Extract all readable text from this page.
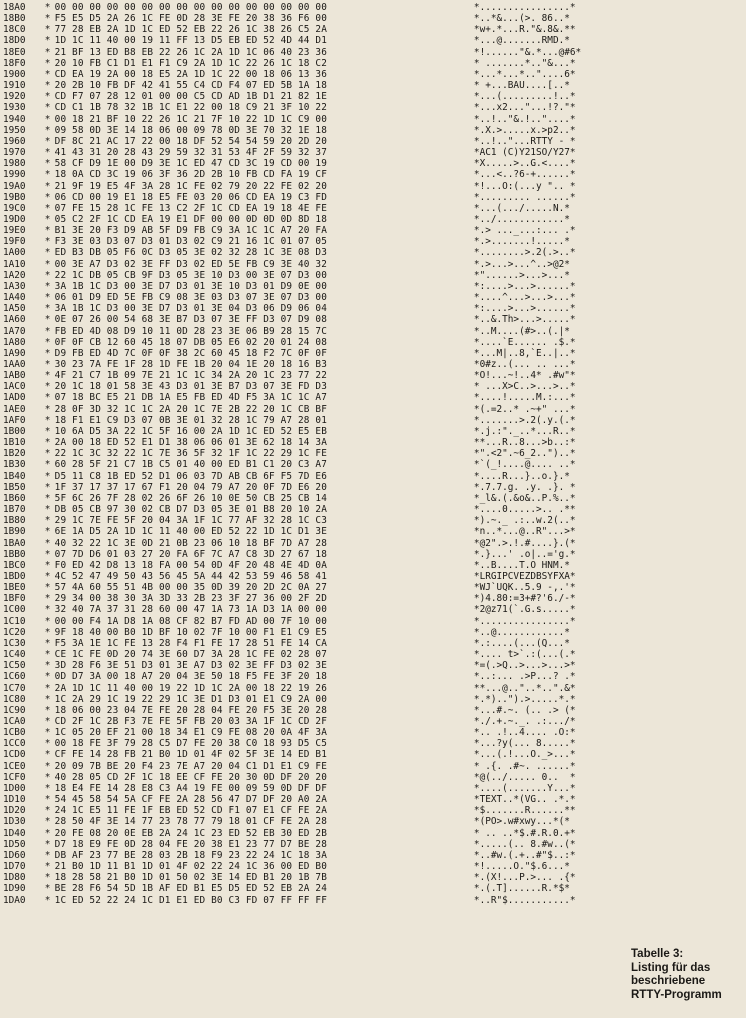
18A0	* 00 00 00 00 00 00 00 00 00 00 00 00 00 00 00 00	*................*
18B0	* F5 E5 D5 2A 26 1C FE 0D 28 3E FE 20 38 36 F6 00	*..*&...(>. 86..*
18C0	* 77 28 EB 2A 1D 1C ED 52 EB 22 26 1C 38 26 C5 2A	*w+.*...R."&.8&.**
18D0	* 1D 1C 11 40 00 19 11 FF 13 D5 EB ED 52 4D 44 D1	*...@.......RMD.*
18E0	* 21 BF 13 ED B8 EB 22 26 1C 2A 1D 1C 06 40 23 36	*!......"&.*...@#6*
18F0	* 20 10 FB C1 D1 E1 F1 C9 2A 1D 1C 22 26 1C 18 C2	* .......*.."&...*
1900	* CD EA 19 2A 00 18 E5 2A 1D 1C 22 00 18 06 13 36	*...*...*.."....6*
1910	* 20 2B 10 FB DF 42 41 55 C4 CD F4 07 ED 5B 1A 18	* +...BAU....[..*
1920	* CD F7 07 28 12 01 00 00 C5 CD AD 1B D1 21 82 1E	*...(.........!..*
1930	* CD C1 1B 78 32 1B 1C E1 22 00 18 C9 21 3F 10 22	*...x2..."...!?."*
1940	* 00 18 21 BF 10 22 26 1C 21 7F 10 22 1D 1C C9 00	*..!.."&.!.."....*
1950	* 09 58 0D 3E 14 18 06 00 09 78 0D 3E 70 32 1E 18	*.X.>.....x.>p2..*
1960	* DF 8C 21 AC 17 22 00 18 DF 52 54 54 59 20 2D 20	*..!.."...RTTY - *
1970	* 41 43 31 20 28 43 29 59 32 31 53 4F 2F 59 32 37	*AC1 (C)Y21SO/Y27*
1980	* 58 CF D9 1E 00 D9 3E 1C ED 47 CD 3C 19 CD 00 19	*X.....>..G.<....*
1990	* 18 0A CD 3C 19 06 3F 36 2D 2B 10 FB CD FA 19 CF	*...<..?6-+......*
19A0	* 21 9F 19 E5 4F 3A 28 1C FE 02 79 20 22 FE 02 20	*!...O:(...y ".. *
19B0	* 06 CD 00 19 E1 18 E5 FE 03 20 06 CD EA 19 C3 FD	*......... ......*
19C0	* 07 FE 15 28 1C FE 13 C2 2F 1C CD EA 19 18 4E FE	*...(.../.....N.*
19D0	* 05 C2 2F 1C CD EA 19 E1 DF 00 00 0D 0D 0D 8D 18	*../............*
19E0	* B1 3E 20 F3 D9 AB 5F D9 FB C9 3A 1C 1C A7 20 FA	*.> ..._...:... .*
19F0	* F3 3E 03 D3 07 D3 01 D3 02 C9 21 16 1C 01 07 05	*.>.......!.....*
1A00	* ED B3 DB 05 F6 0C D3 05 3E 02 32 28 1C 3E 08 D3	*........>.2(.>..*
1A10	* 00 3E A7 D3 02 3E FF D3 02 ED 5E FB C9 3E 40 32	*.>...>...^..>@2*
1A20	* 22 1C DB 05 CB 9F D3 05 3E 10 D3 00 3E 07 D3 00	*"......>...>...*
1A30	* 3A 1B 1C D3 00 3E D7 D3 01 3E 10 D3 01 D9 0E 00	*:....>...>......*
1A40	* 06 01 D9 ED 5E FB C9 08 3E 03 D3 07 3E 07 D3 00	*....^...>...>...*
1A50	* 3A 1B 1C D3 00 3E D7 D3 01 3E 04 D3 06 D9 06 04	*:....>...>......*
1A60	* 0E 07 26 00 54 68 3E B7 D3 07 3E FF D3 07 D9 08	*..&.Th>...>.....*
1A70	* FB ED 4D 08 D9 10 11 0D 28 23 3E 06 B9 28 15 7C	*..M....(#>..(.|*
1A80	* 0F 0F CB 12 60 45 18 07 DB 05 E6 02 20 01 24 08	*....`E...... .$.*
1A90	* D9 FB ED 4D 7C 0F 0F 38 2C 60 45 18 F2 7C 0F 0F	*...M|..8,`E..|..*
1AA0	* 30 23 7A FE 1F 28 1D FE 1B 20 04 1E 20 18 16 B3	*0#z..(... .. ...*
1AB0	* 4F 21 C7 1B 09 7E 21 1C 1C 34 2A 20 1C 23 77 22	*O!...~!..4* .#w"*
1AC0	* 20 1C 18 01 58 3E 43 D3 01 3E B7 D3 07 3E FD D3	* ...X>C..>...>..*
1AD0	* 07 18 BC E5 21 DB 1A E5 FB ED 4D F5 3A 1C 1C A7	*....!.....M.:...*
1AE0	* 28 0F 3D 32 1C 1C 2A 20 1C 7E 2B 22 20 1C CB BF	*(.=2..* .~+" ...*
1AF0	* 18 F1 E1 C9 D3 07 0B 3E 01 32 28 1C 79 A7 28 01	*.......>.2(.y.(.*
1B00	* 10 6A D5 3A 22 1C 5F 16 00 2A 1D 1C ED 52 E5 EB	*.j.:"._..*...R..*
1B10	* 2A 00 18 ED 52 E1 D1 38 06 06 01 3E 62 18 14 3A	**...R..8...>b..:*
1B20	* 22 1C 3C 32 22 1C 7E 36 5F 32 1F 1C 22 29 1C FE	*".<2".~6_2..")..*
1B30	* 60 28 5F 21 C7 1B C5 01 40 00 ED B1 C1 20 C3 A7	*`(_!....@.... ..*
1B40	* D5 11 C8 1B ED 52 D1 06 03 7D AB CB 6F F5 7D E6	*....R...}..o.}.*
1B50	* 1F 37 17 37 17 67 F1 20 04 79 A7 20 0F 7D E6 20	*.7.7.g. .y. .}. *
1B60	* 5F 6C 26 7F 28 02 26 6F 26 10 0E 50 CB 25 CB 14	*_l&.(.&o&..P.%..*
1B70	* DB 05 CB 97 30 02 CB D7 D3 05 3E 01 B8 20 10 2A	*....0.....>.. .**
1B80	* 29 1C 7E FE 5F 20 04 3A 1F 1C 77 AF 32 28 1C C3	*).~._ .:..w.2(..*
1B90	* 6E 1A D5 2A 1D 1C 11 40 00 ED 52 22 1D 1C D1 3E	*n..*...@..R"...>*
1BA0	* 40 32 22 1C 3E 0D 21 0B 23 06 10 18 BF 7D A7 28	*@2".>.!.#....}.(*
1BB0	* 07 7D D6 01 03 27 20 FA 6F 7C A7 C8 3D 27 67 18	*.}...' .o|..='g.*
1BC0	* F0 ED 42 D8 13 18 FA 00 54 0D 4F 20 48 4E 4D 0A	*..B....T.O HNM.*
1BD0	* 4C 52 47 49 50 43 56 45 5A 44 42 53 59 46 58 41	*LRGIPCVEZDBSYFXA*
1BE0	* 57 4A 60 55 51 4B 00 00 35 0D 39 20 2D 2C 0A 27	*WJ`UQK..5.9 -,.'*
1BF0	* 29 34 00 38 30 3A 3D 33 2B 23 3F 27 36 00 2F 2D	*)4.80:=3+#?'6./-*
1C00	* 32 40 7A 37 31 28 60 00 47 1A 73 1A D3 1A 00 00	*2@z71(`.G.s.....*
1C10	* 00 00 F4 1A D8 1A 08 CF 82 B7 FD AD 00 7F 10 00	*................*
1C20	* 9F 18 40 00 B0 1D BF 10 02 7F 10 00 F1 E1 C9 E5	*..@............*
1C30	* F5 3A 1E 1C FE 13 28 F4 F1 FE 17 28 51 FE 14 CA	*.:....(...(Q...*
1C40	* CE 1C FE 0D 20 74 3E 60 D7 3A 28 1C FE 02 28 07	*.... t>`.:(...(.*
1C50	* 3D 28 F6 3E 51 D3 01 3E A7 D3 02 3E FF D3 02 3E	*=(.>Q..>...>...>*
1C60	* 0D D7 3A 00 18 A7 20 04 3E 50 18 F5 FE 3F 20 18	*..:... .>P...? .*
1C70	* 2A 1D 1C 11 40 00 19 22 1D 1C 2A 00 18 22 19 26	**...@.."..*..".&*
1C80	* 1C 2A 29 1C 19 22 29 1C 3E D1 D3 01 E1 C9 2A 00	*.*)..").>.....*.*
1C90	* 18 06 00 23 04 7E FE 20 28 04 FE 20 F5 3E 20 28	*...#.~. (.. .> (*
1CA0	* CD 2F 1C 2B F3 7E FE 5F FB 20 03 3A 1F 1C CD 2F	*./.+.~._. .:.../*
1CB0	* 1C 05 20 EF 21 00 18 34 E1 C9 FE 08 20 0A 4F 3A	*.. .!..4.... .O:*
1CC0	* 00 18 FE 3F 79 28 C5 D7 FE 20 38 C0 18 93 D5 C5	*...?y(... 8.....*
1CD0	* CF FE 14 28 FB 21 B0 1D 01 4F 02 5F 3E 14 ED B1	*...(.!...O._>...*
1CE0	* 20 09 7B BE 20 F4 23 7E A7 20 04 C1 D1 E1 C9 FE	* .{. .#~. ......*
1CF0	* 40 28 05 CD 2F 1C 18 EE CF FE 20 30 0D DF 20 20	*@(../..... 0..  *
1D00	* 18 E4 FE 14 28 E8 C3 A4 19 FE 00 09 59 0D DF DF	*....(.......Y...*
1D10	* 54 45 58 54 5A CF FE 2A 28 56 47 D7 DF 20 A0 2A	*TEXT..*(VG.. .*.*
1D20	* 24 1C E5 11 FE 1F EB ED 52 CD F1 07 E1 CF FE 2A	*$.......R......**
1D30	* 28 50 4F 3E 14 77 23 78 77 79 18 01 CF FE 2A 28	*(PO>.w#xwy...*(*
1D40	* 20 FE 08 20 0E EB 2A 24 1C 23 ED 52 EB 30 ED 2B	* .. ..*$.#.R.0.+*
1D50	* D7 18 E9 FE 0D 28 04 FE 20 38 E1 23 77 D7 BE 28	*.....(.. 8.#w..(*
1D60	* DB AF 23 77 BE 28 03 2B 18 F9 23 22 24 1C 18 3A	*..#w.(.+..#"$..:*
1D70	* 21 B0 1D 11 B1 1D 01 4F 02 22 24 1C 36 00 ED B0	*!.....O."$.6...*
1D80	* 18 28 58 21 B0 1D 01 50 02 3E 14 ED B1 20 1B 7B	*.(X!...P.>... .{*
1D90	* BE 28 F6 54 5D 1B AF ED B1 E5 D5 ED 52 EB 2A 24	*.(.T]......R.*$*
1DA0	* 1C ED 52 22 24 1C D1 E1 ED B0 C3 FD 07 FF FF FF	*..R"$...........*
Tabelle 3:
Listing für das
beschriebene
RTTY-Programm
